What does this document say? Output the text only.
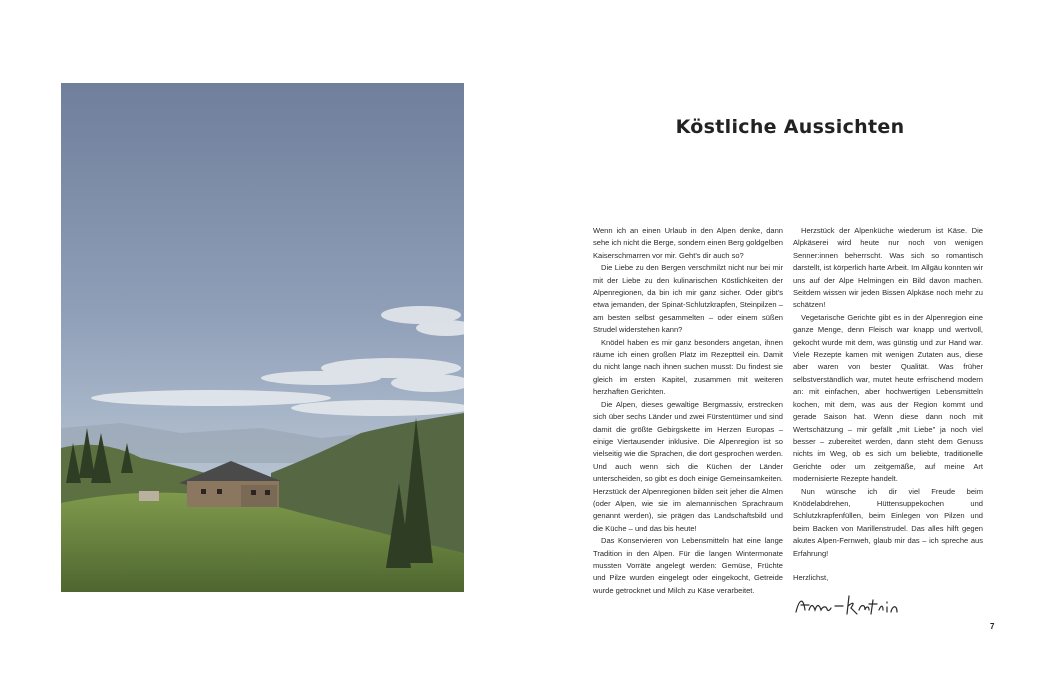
Köstliche Aussichten

Wenn ich an einen Urlaub in den Alpen denke, dann sehe ich nicht die Berge, sondern einen Berg goldgelben Kaiserschmarren vor mir. Geht's dir auch so?

Die Liebe zu den Bergen verschmilzt nicht nur bei mir mit der Liebe zu den kulinarischen Köstlichkeiten der Alpenregionen, da bin ich mir ganz sicher. Oder gibt's etwa jemanden, der Spinat-Schlutzkrapfen, Steinpilzen – am besten selbst gesammelten – oder einem süßen Strudel widerstehen kann?

Knödel haben es mir ganz besonders angetan, ihnen räume ich einen großen Platz im Rezeptteil ein. Damit du nicht lange nach ihnen suchen musst: Du findest sie gleich im ersten Kapitel, zusammen mit weiteren herzhaften Gerichten.

Die Alpen, dieses gewaltige Bergmassiv, erstrecken sich über sechs Länder und zwei Fürstentümer und sind damit die größte Gebirgskette im Herzen Europas – einige Viertausender inklusive. Die Alpenregion ist so vielseitig wie die Sprachen, die dort gesprochen werden. Und auch wenn sich die Küchen der Länder unterscheiden, so gibt es doch einige Gemeinsamkeiten. Herzstück der Alpenregionen bilden seit jeher die Almen (oder Alpen, wie sie im alemannischen Sprachraum genannt werden), sie prägen das Landschaftsbild und die Küche – und das bis heute!

Das Konservieren von Lebensmitteln hat eine lange Tradition in den Alpen. Für die langen Wintermonate mussten Vorräte angelegt werden: Gemüse, Früchte und Pilze wurden eingelegt oder eingekocht, Getreide wurde getrocknet und Milch zu Käse verarbeitet.

Herzstück der Alpenküche wiederum ist Käse. Die Alpkäserei wird heute nur noch von wenigen Senner:innen beherrscht. Was sich so romantisch darstellt, ist körperlich harte Arbeit. Im Allgäu konnten wir uns auf der Alpe Helmingen ein Bild davon machen. Seitdem wissen wir jeden Bissen Alpkäse noch mehr zu schätzen!

Vegetarische Gerichte gibt es in der Alpenregion eine ganze Menge, denn Fleisch war knapp und wertvoll, gekocht wurde mit dem, was günstig und zur Hand war. Viele Rezepte kamen mit wenigen Zutaten aus, diese aber waren von bester Qualität. Was früher selbstverständlich war, mutet heute erfrischend modern an: mit einfachen, aber hochwertigen Lebensmitteln kochen, mit dem, was aus der Region kommt und gerade Saison hat. Wenn diese dann noch mit Wertschätzung – mir gefällt „mit Liebe" ja noch viel besser – zubereitet werden, dann steht dem Genuss nichts im Weg, ob es sich um beliebte, traditionelle Gerichte oder um zeitgemäße, auf meine Art modernisierte Rezepte handelt.

Nun wünsche ich dir viel Freude beim Knödelabdrehen, Hüttensuppekochen und Schlutzkrapfenfüllen, beim Einlegen von Pilzen und beim Backen von Marillenstrudel. Das alles hilft gegen akutes Alpen-Fernweh, glaub mir das – ich spreche aus Erfahrung!

Herzlichst,

7
